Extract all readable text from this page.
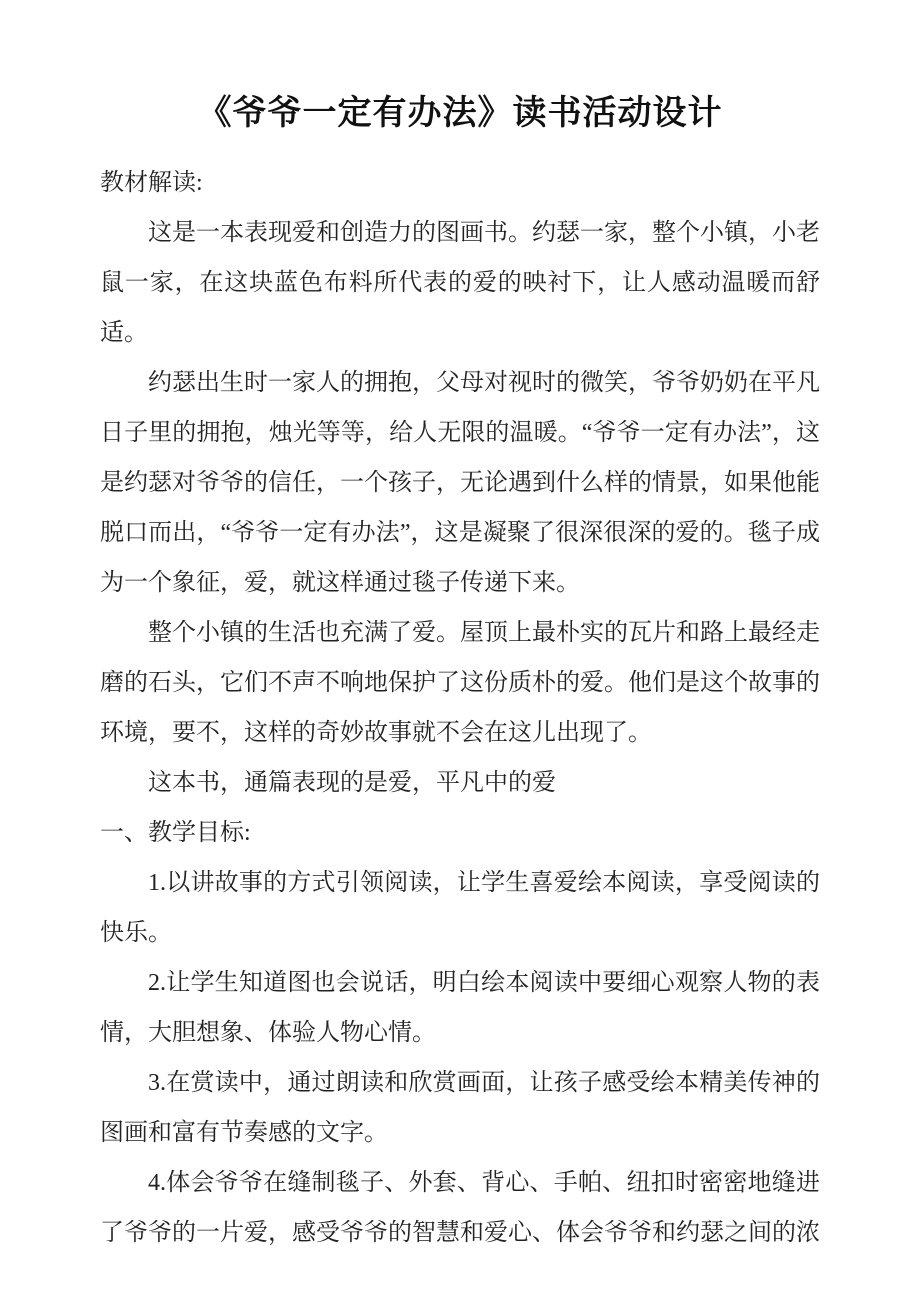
《爷爷一定有办法》读书活动设计

教材解读:

这是一本表现爱和创造力的图画书。约瑟一家，整个小镇，小老鼠一家，在这块蓝色布料所代表的爱的映衬下，让人感动温暖而舒适。

约瑟出生时一家人的拥抱，父母对视时的微笑，爷爷奶奶在平凡日子里的拥抱，烛光等等，给人无限的温暖。“爷爷一定有办法”，这是约瑟对爷爷的信任，一个孩子，无论遇到什么样的情景，如果他能脱口而出，“爷爷一定有办法”，这是凝聚了很深很深的爱的。毯子成为一个象征，爱，就这样通过毯子传递下来。

整个小镇的生活也充满了爱。屋顶上最朴实的瓦片和路上最经走磨的石头，它们不声不响地保护了这份质朴的爱。他们是这个故事的环境，要不，这样的奇妙故事就不会在这儿出现了。

这本书，通篇表现的是爱，平凡中的爱

一、教学目标:

1.以讲故事的方式引领阅读，让学生喜爱绘本阅读，享受阅读的快乐。

2.让学生知道图也会说话，明白绘本阅读中要细心观察人物的表情，大胆想象、体验人物心情。

3.在赏读中，通过朗读和欣赏画面，让孩子感受绘本精美传神的图画和富有节奏感的文字。

4.体会爷爷在缝制毯子、外套、背心、手帕、纽扣时密密地缝进了爷爷的一片爱，感受爷爷的智慧和爱心、体会爷爷和约瑟之间的浓
